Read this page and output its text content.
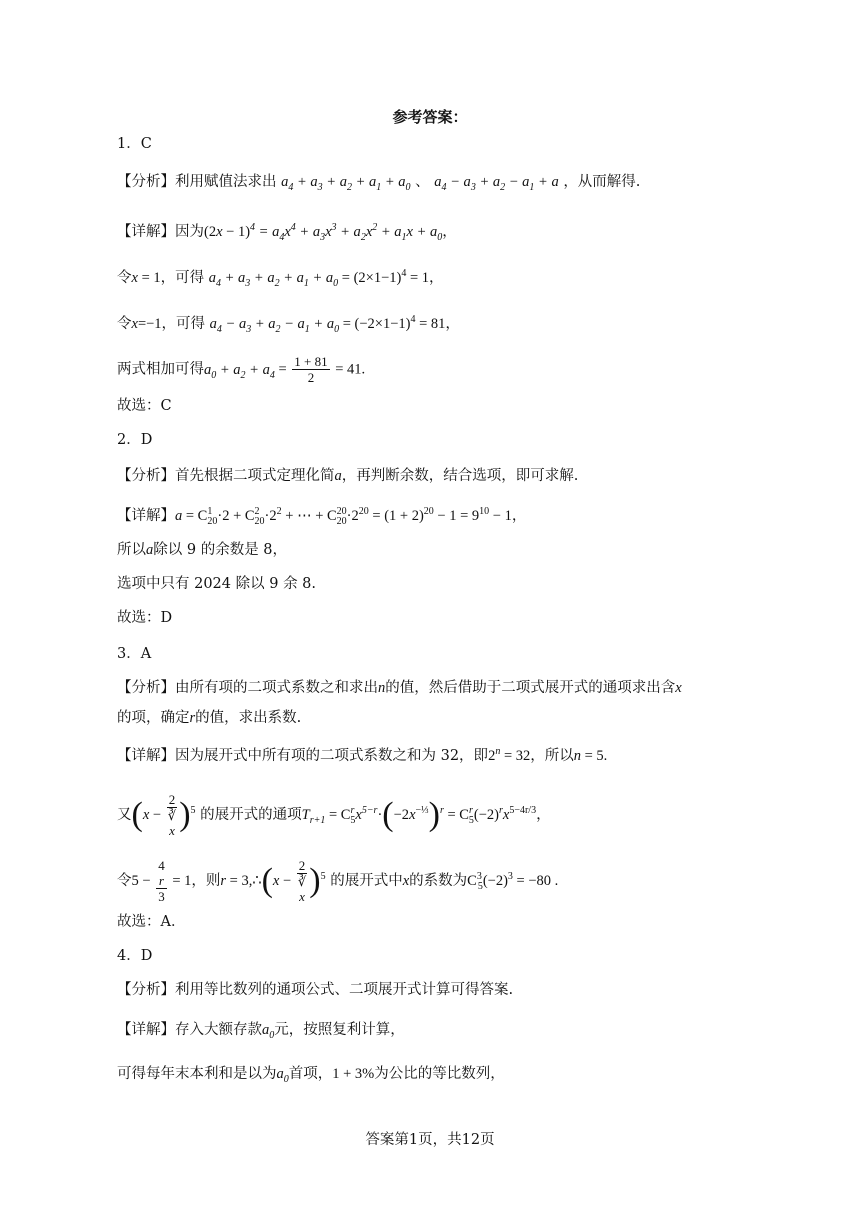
参考答案：
1．C
【分析】利用赋值法求出 $a_4 + a_3 + a_2 + a_1 + a_0$ 、 $a_4 - a_3 + a_2 - a_1 + a$ ，从而解得.
【详解】因为$(2x - 1)^4 = a_4x^4 + a_3x^3 + a_2x^2 + a_1x + a_0$，
令x = 1，可得 $a_4 + a_3 + a_2 + a_1 + a_0 = (2\times 1-1)^4 = 1$，
令x=−1，可得 $a_4 - a_3 + a_2 - a_1 + a_0 = (-2\times 1-1)^4 = 81$，
两式相加可得$a_0 + a_2 + a_4 = \frac{1 + 81}{2} = 41$.
故选：C
2．D
【分析】首先根据二项式定理化简a，再判断余数，结合选项，即可求解.
【详解】$a = C^1_{20}\cdot 2 + C^2_{20}\cdot 2^2$ + ⋯ + $C^{20}_{20}\cdot 2^{20} = (1 + 2)^{20} - 1 = 9^{10} - 1$，
所以a除以 9 的余数是 8，
选项中只有 2024 除以 9 余 8.
故选：D
3．A
【分析】由所有项的二项式系数之和求出n的值，然后借助于二项式展开式的通项求出含x
的项，确定r的值，求出系数.
【详解】因为展开式中所有项的二项式系数之和为 32，即$2^n = 32$，所以n = 5.
又(x − 2
∛
x )$^5$ 的展开式的通项$T_{r+1} = C^r_5x^{5-r}\cdot(-2x^{-\frac{1}{3}})^r = C^r_5(-2)^rx^{5-4r/3}$，
令5 − 4
r
3 = 1，则r = 3,∴(x − 2
∛
x )$^5$ 的展开式中x的系数为$C^3_5(-2)^3 = -80$ .
故选：A．
4．D
【分析】利用等比数列的通项公式、二项展开式计算可得答案.
【详解】存入大额存款$a_0$元，按照复利计算，
可得每年末本利和是以为$a_0$首项，1 + 3%为公比的等比数列，
答案第1页，共12页
